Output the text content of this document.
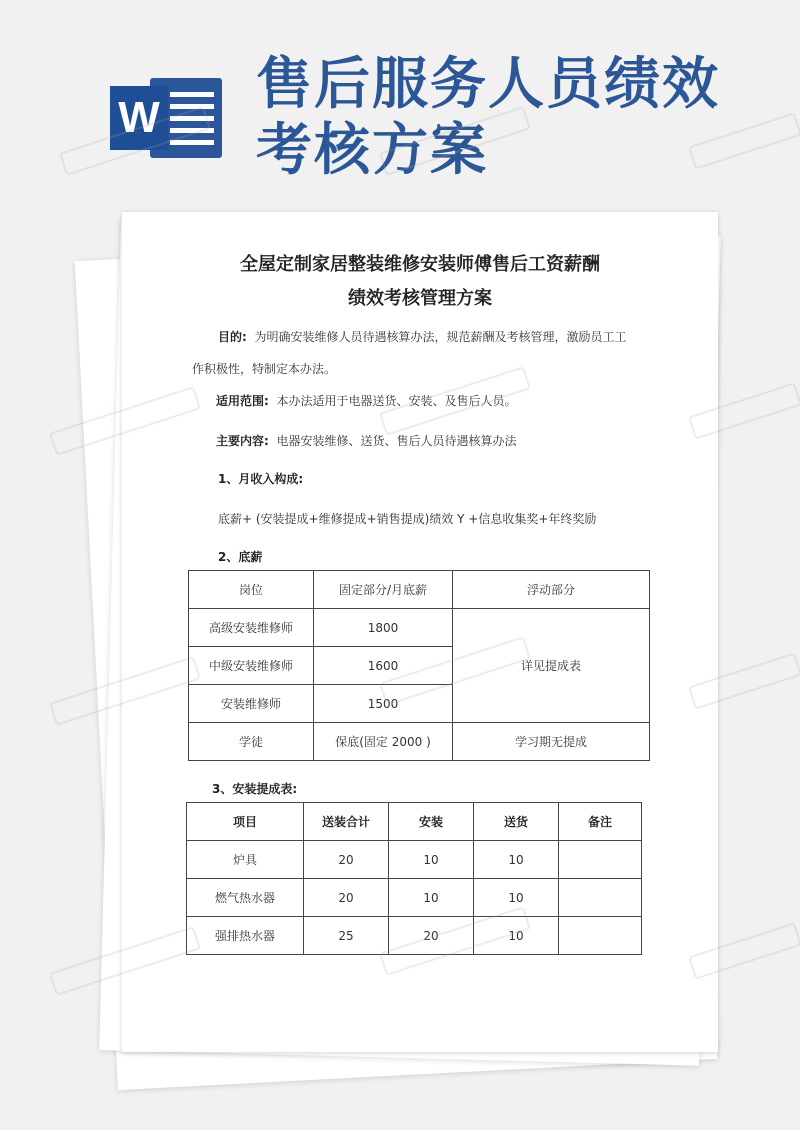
W
售后服务人员绩效考核方案
全屋定制家居整装维修安装师傅售后工资薪酬
绩效考核管理方案
目的: 为明确安装维修人员待遇核算办法，规范薪酬及考核管理，激励员工工
作积极性，特制定本办法。
适用范围: 本办法适用于电器送货、安装、及售后人员。
主要内容: 电器安装维修、送货、售后人员待遇核算办法
1、月收入构成:
底薪+ (安装提成+维修提成+销售提成)绩效 Y +信息收集奖+年终奖励
2、底薪
岗位	固定部分/月底薪	浮动部分
高级安装维修师	1800	详见提成表
中级安装维修师	1600	
安装维修师	1500	
学徒	保底(固定 2000 )	学习期无提成
3、安装提成表:
项目	送装合计	安装	送货	备注
炉具	20	10	10	
燃气热水器	20	10	10	
强排热水器	25	20	10	
